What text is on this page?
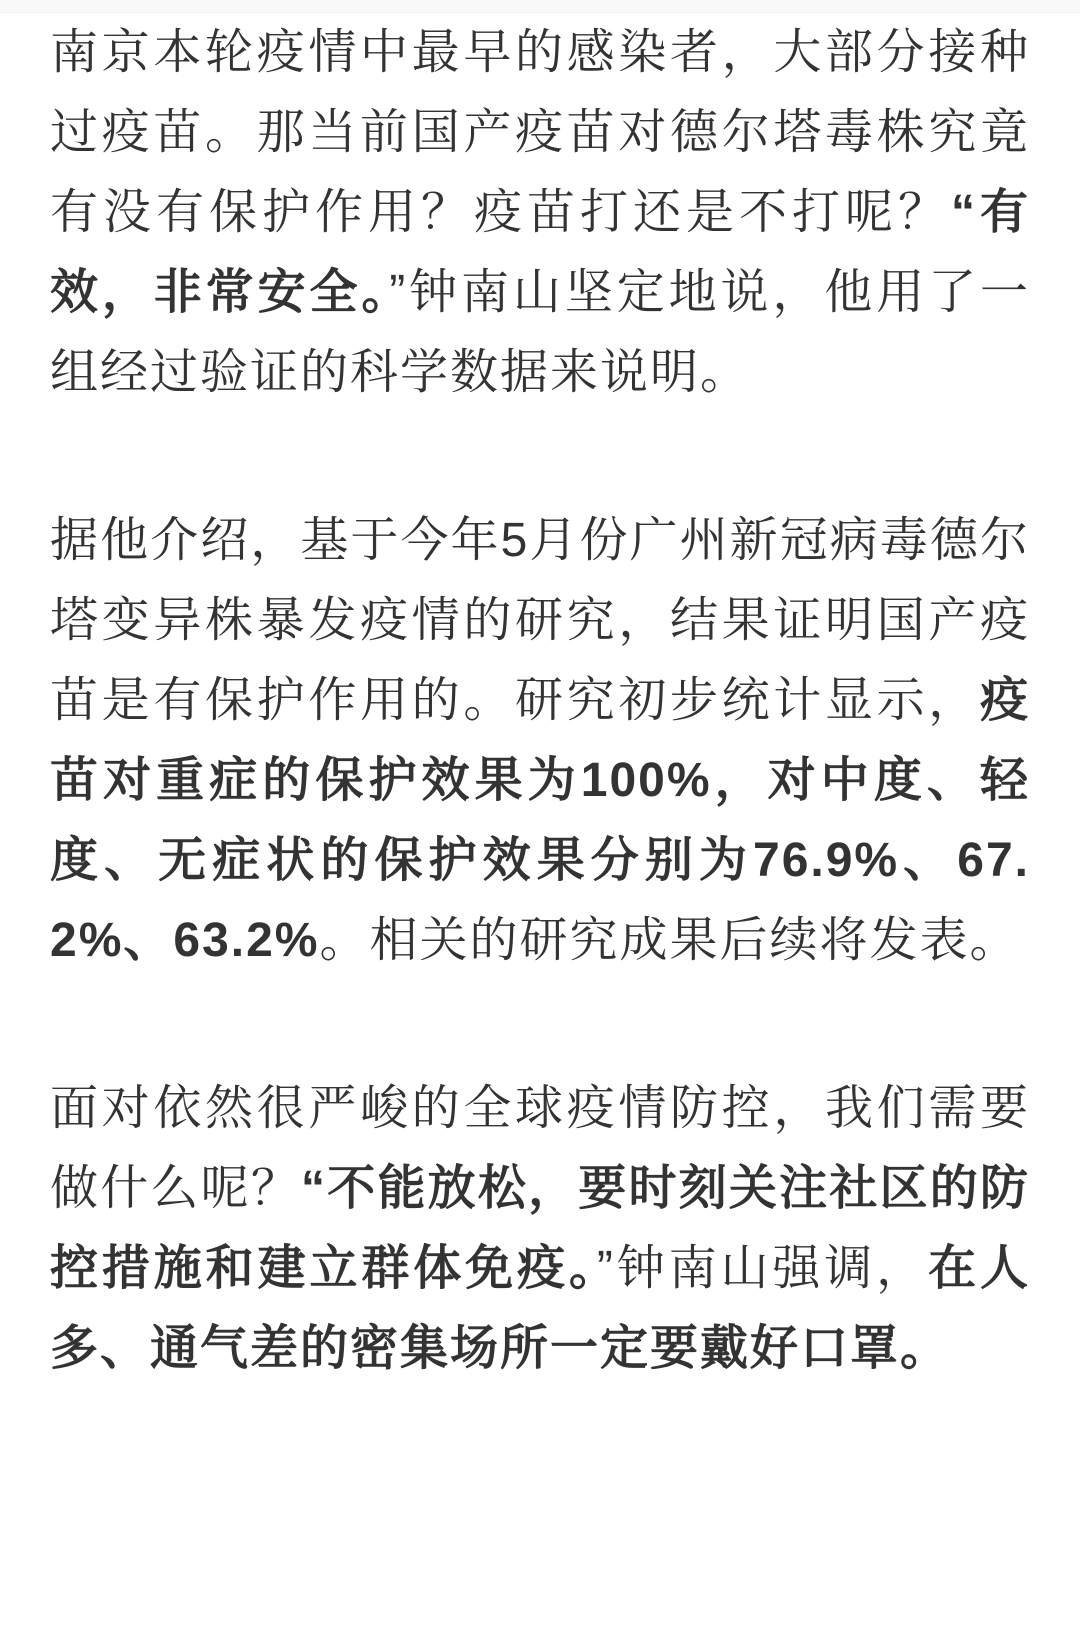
南京本轮疫情中最早的感染者，大部分接种过疫苗。那当前国产疫苗对德尔塔毒株究竟有没有保护作用？疫苗打还是不打呢？“有效，非常安全。”钟南山坚定地说，他用了一组经过验证的科学数据来说明。

据他介绍，基于今年5月份广州新冠病毒德尔塔变异株暴发疫情的研究，结果证明国产疫苗是有保护作用的。研究初步统计显示，疫苗对重症的保护效果为100%，对中度、轻度、无症状的保护效果分别为76.9%、67.2%、63.2%。相关的研究成果后续将发表。

面对依然很严峻的全球疫情防控，我们需要做什么呢？“不能放松，要时刻关注社区的防控措施和建立群体免疫。”钟南山强调，在人多、通气差的密集场所一定要戴好口罩。
